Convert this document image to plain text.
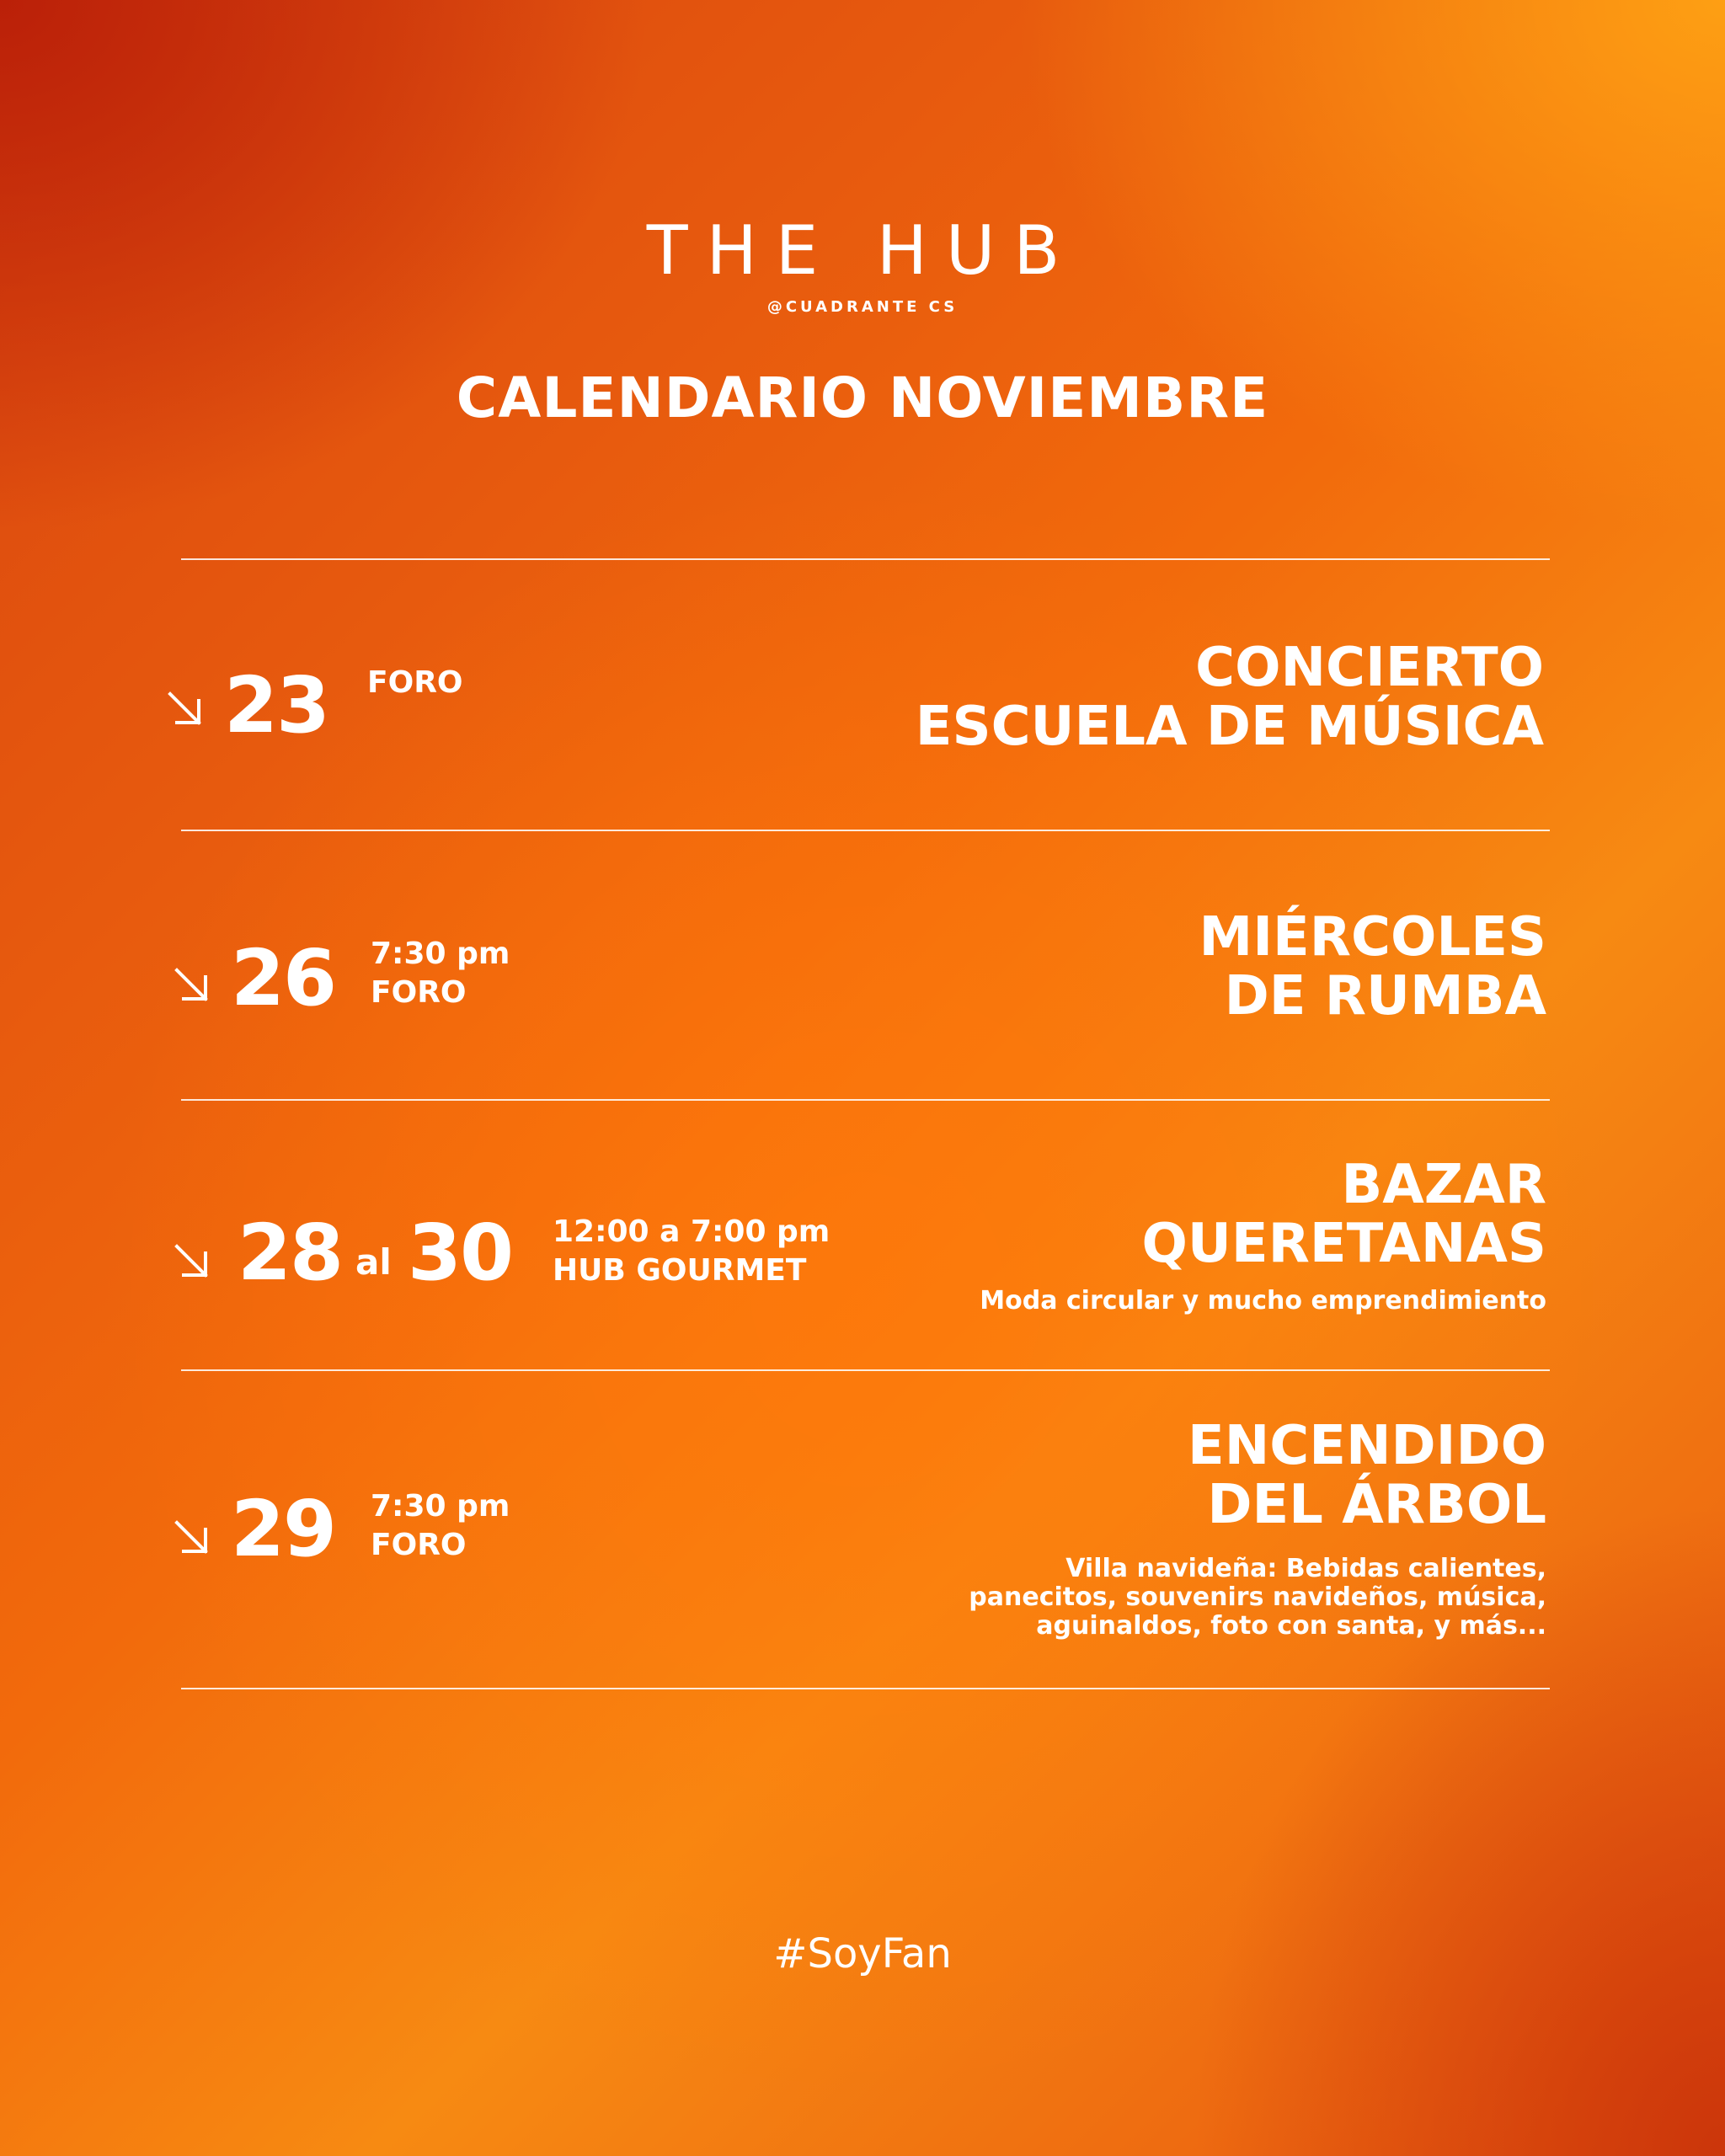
THE HUB
@CUADRANTE CS
CALENDARIO NOVIEMBRE
23 FORO	CONCIERTO
ESCUELA DE MÚSICA
26 7:30 pm
FORO
MIÉRCOLES
DE RUMBA
28 al 30 12:00 a 7:00 pm
HUB GOURMET
BAZAR
QUERETANAS
Moda circular y mucho emprendimiento
29 7:30 pm
FORO
ENCENDIDO
DEL ÁRBOL
Villa navideña: Bebidas calientes,
panecitos, souvenirs navideños, música,
aguinaldos, foto con santa, y más...
#SoyFan
